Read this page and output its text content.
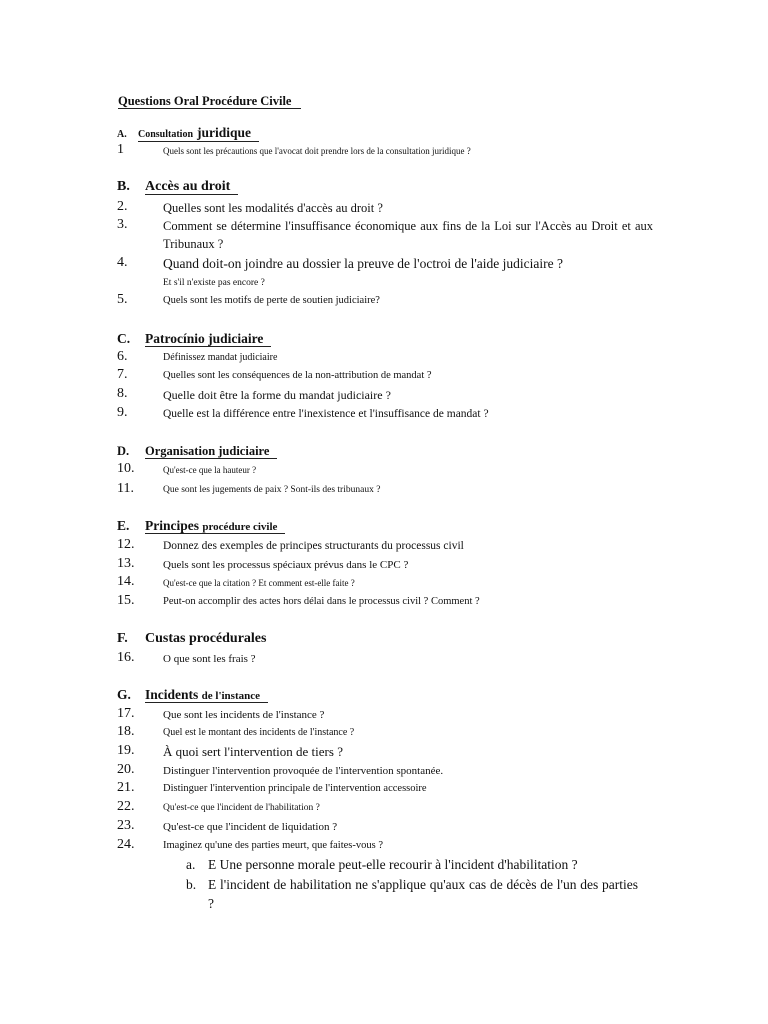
Questions Oral Procédure Civile
A. Consultation juridique
1	Quels sont les précautions que l'avocat doit prendre lors de la consultation juridique ?
B. Accès au droit
2.	Quelles sont les modalités d'accès au droit ?
3.	Comment se détermine l'insuffisance économique aux fins de la Loi sur l'Accès au Droit et aux Tribunaux ?
4.	Quand doit-on joindre au dossier la preuve de l'octroi de l'aide judiciaire ?
Et s'il n'existe pas encore ?
5.	Quels sont les motifs de perte de soutien judiciaire?
C. Patrocínio judiciaire
6.	Définissez mandat judiciaire
7.	Quelles sont les conséquences de la non-attribution de mandat ?
8.	Quelle doit être la forme du mandat judiciaire ?
9.	Quelle est la différence entre l'inexistence et l'insuffisance de mandat ?
D. Organisation judiciaire
10.	Qu'est-ce que la hauteur ?
11.	Que sont les jugements de paix ? Sont-ils des tribunaux ?
E. Principes procédure civile
12.	Donnez des exemples de principes structurants du processus civil
13.	Quels sont les processus spéciaux prévus dans le CPC ?
14.	Qu'est-ce que la citation ? Et comment est-elle faite ?
15.	Peut-on accomplir des actes hors délai dans le processus civil ? Comment ?
F. Custas procédurales
16.	O que sont les frais ?
G. Incidents de l'instance
17.	Que sont les incidents de l'instance ?
18.	Quel est le montant des incidents de l'instance ?
19.	À quoi sert l'intervention de tiers ?
20.	Distinguer l'intervention provoquée de l'intervention spontanée.
21.	Distinguer l'intervention principale de l'intervention accessoire
22.	Qu'est-ce que l'incident de l'habilitation ?
23.	Qu'est-ce que l'incident de liquidation ?
24.	Imaginez qu'une des parties meurt, que faites-vous ?
a. E Une personne morale peut-elle recourir à l'incident d'habilitation ?
b. E l'incident de habilitation ne s'applique qu'aux cas de décès de l'un des parties ?
